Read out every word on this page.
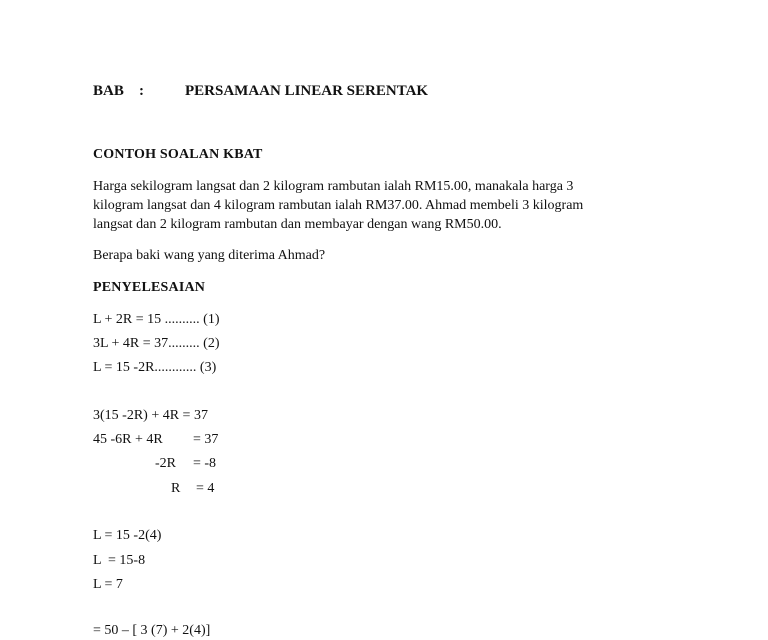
BAB :	PERSAMAAN LINEAR SERENTAK
CONTOH SOALAN KBAT
Harga sekilogram langsat dan 2 kilogram rambutan ialah RM15.00, manakala harga 3
kilogram langsat dan 4 kilogram rambutan ialah RM37.00. Ahmad membeli 3 kilogram
langsat dan 2 kilogram rambutan dan membayar dengan wang RM50.00.
Berapa baki wang yang diterima Ahmad?
PENYELESAIAN
L + 2R = 15 .......... (1)
3L + 4R = 37......... (2)
L = 15 -2R............ (3)
3(15 -2R) + 4R = 37
45 -6R + 4R = 37
-2R = -8
R = 4
L = 15 -2(4)
L  = 15-8
L = 7
= 50 – [ 3 (7) + 2(4)]
